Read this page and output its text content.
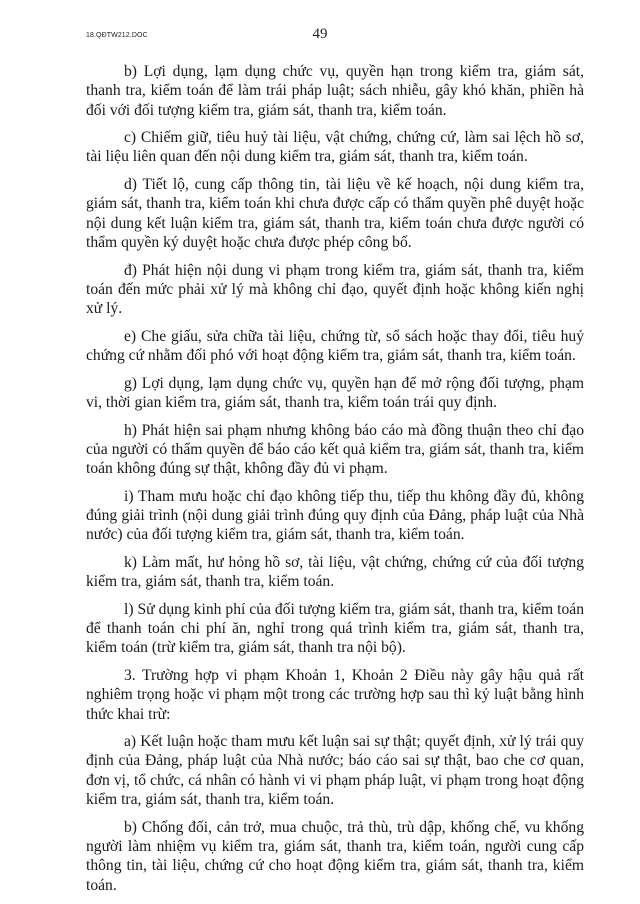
18.QĐTW212.DOC	49

b) Lợi dụng, lạm dụng chức vụ, quyền hạn trong kiểm tra, giám sát, thanh tra, kiểm toán để làm trái pháp luật; sách nhiễu, gây khó khăn, phiền hà đối với đối tượng kiểm tra, giám sát, thanh tra, kiểm toán.

c) Chiếm giữ, tiêu huỷ tài liệu, vật chứng, chứng cứ, làm sai lệch hồ sơ, tài liệu liên quan đến nội dung kiểm tra, giám sát, thanh tra, kiểm toán.

d) Tiết lộ, cung cấp thông tin, tài liệu về kế hoạch, nội dung kiểm tra, giám sát, thanh tra, kiểm toán khi chưa được cấp có thẩm quyền phê duyệt hoặc nội dung kết luận kiểm tra, giám sát, thanh tra, kiểm toán chưa được người có thẩm quyền ký duyệt hoặc chưa được phép công bố.

đ) Phát hiện nội dung vi phạm trong kiểm tra, giám sát, thanh tra, kiểm toán đến mức phải xử lý mà không chỉ đạo, quyết định hoặc không kiến nghị xử lý.

e) Che giấu, sửa chữa tài liệu, chứng từ, sổ sách hoặc thay đổi, tiêu huỷ chứng cứ nhằm đối phó với hoạt động kiểm tra, giám sát, thanh tra, kiểm toán.

g) Lợi dụng, lạm dụng chức vụ, quyền hạn để mở rộng đối tượng, phạm vi, thời gian kiểm tra, giám sát, thanh tra, kiểm toán trái quy định.

h) Phát hiện sai phạm nhưng không báo cáo mà đồng thuận theo chỉ đạo của người có thẩm quyền để báo cáo kết quả kiểm tra, giám sát, thanh tra, kiểm toán không đúng sự thật, không đầy đủ vi phạm.

i) Tham mưu hoặc chỉ đạo không tiếp thu, tiếp thu không đầy đủ, không đúng giải trình (nội dung giải trình đúng quy định của Đảng, pháp luật của Nhà nước) của đối tượng kiểm tra, giám sát, thanh tra, kiểm toán.

k) Làm mất, hư hỏng hồ sơ, tài liệu, vật chứng, chứng cứ của đối tượng kiểm tra, giám sát, thanh tra, kiểm toán.

l) Sử dụng kinh phí của đối tượng kiểm tra, giám sát, thanh tra, kiểm toán để thanh toán chi phí ăn, nghỉ trong quá trình kiểm tra, giám sát, thanh tra, kiểm toán (trừ kiểm tra, giám sát, thanh tra nội bộ).

3. Trường hợp vi phạm Khoản 1, Khoản 2 Điều này gây hậu quả rất nghiêm trọng hoặc vi phạm một trong các trường hợp sau thì kỷ luật bằng hình thức khai trừ:

a) Kết luận hoặc tham mưu kết luận sai sự thật; quyết định, xử lý trái quy định của Đảng, pháp luật của Nhà nước; báo cáo sai sự thật, bao che cơ quan, đơn vị, tổ chức, cá nhân có hành vi vi phạm pháp luật, vi phạm trong hoạt động kiểm tra, giám sát, thanh tra, kiểm toán.

b) Chống đối, cản trở, mua chuộc, trả thù, trù dập, khống chế, vu khống người làm nhiệm vụ kiểm tra, giám sát, thanh tra, kiểm toán, người cung cấp thông tin, tài liệu, chứng cứ cho hoạt động kiểm tra, giám sát, thanh tra, kiểm toán.
